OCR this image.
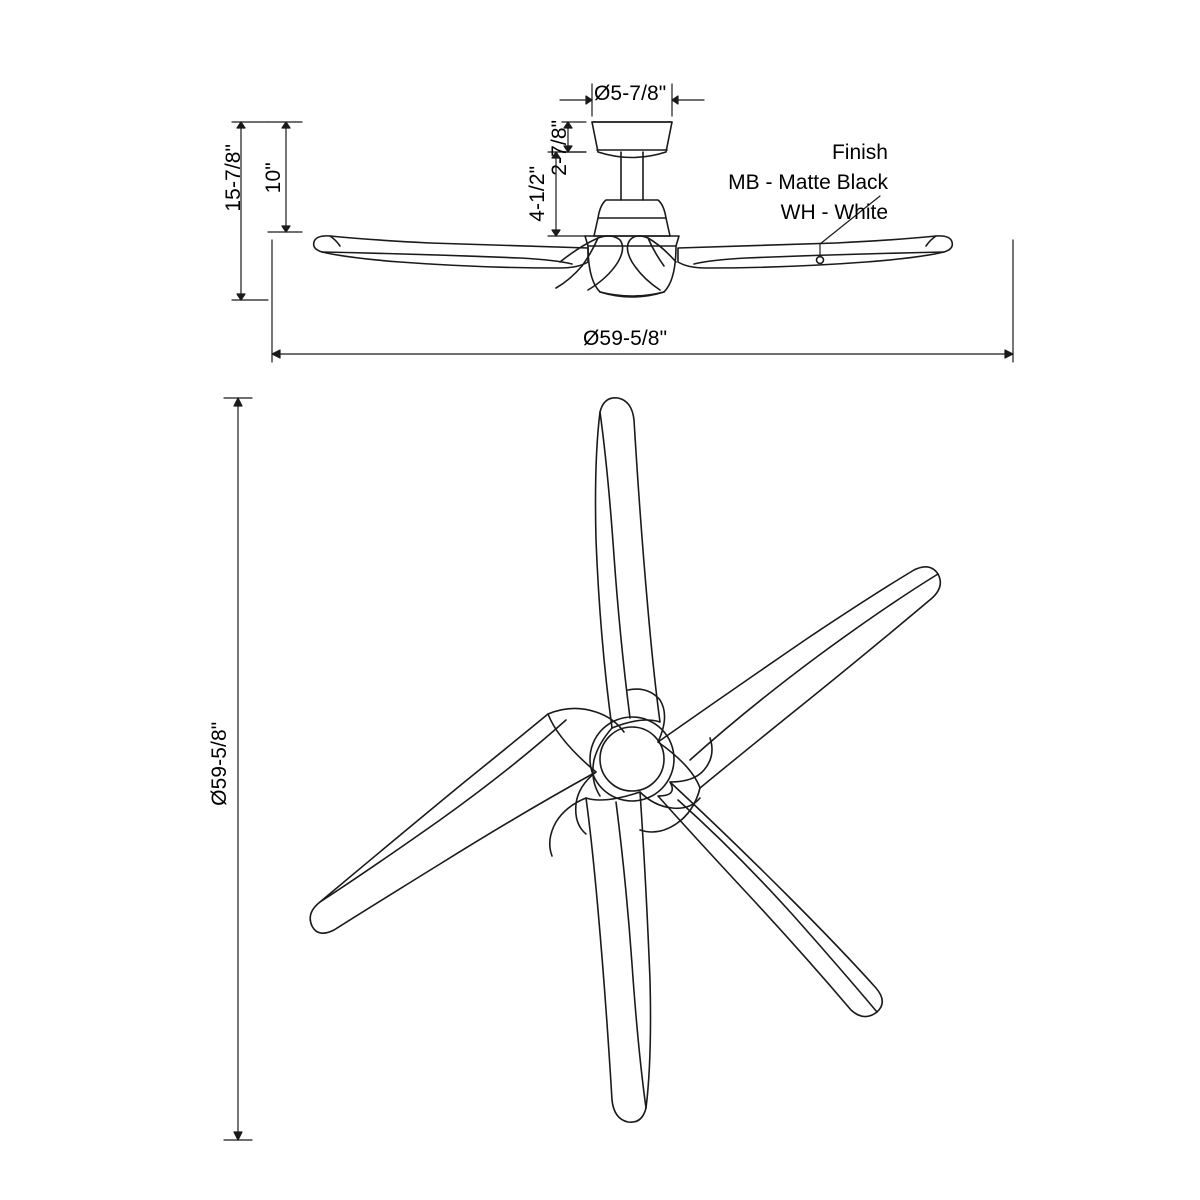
Ø5-7/8"
2-7/8"
4-1/2"
10"
15-7/8"
Ø59-5/8"
Ø59-5/8"
Finish
MB - Matte Black
WH - White
